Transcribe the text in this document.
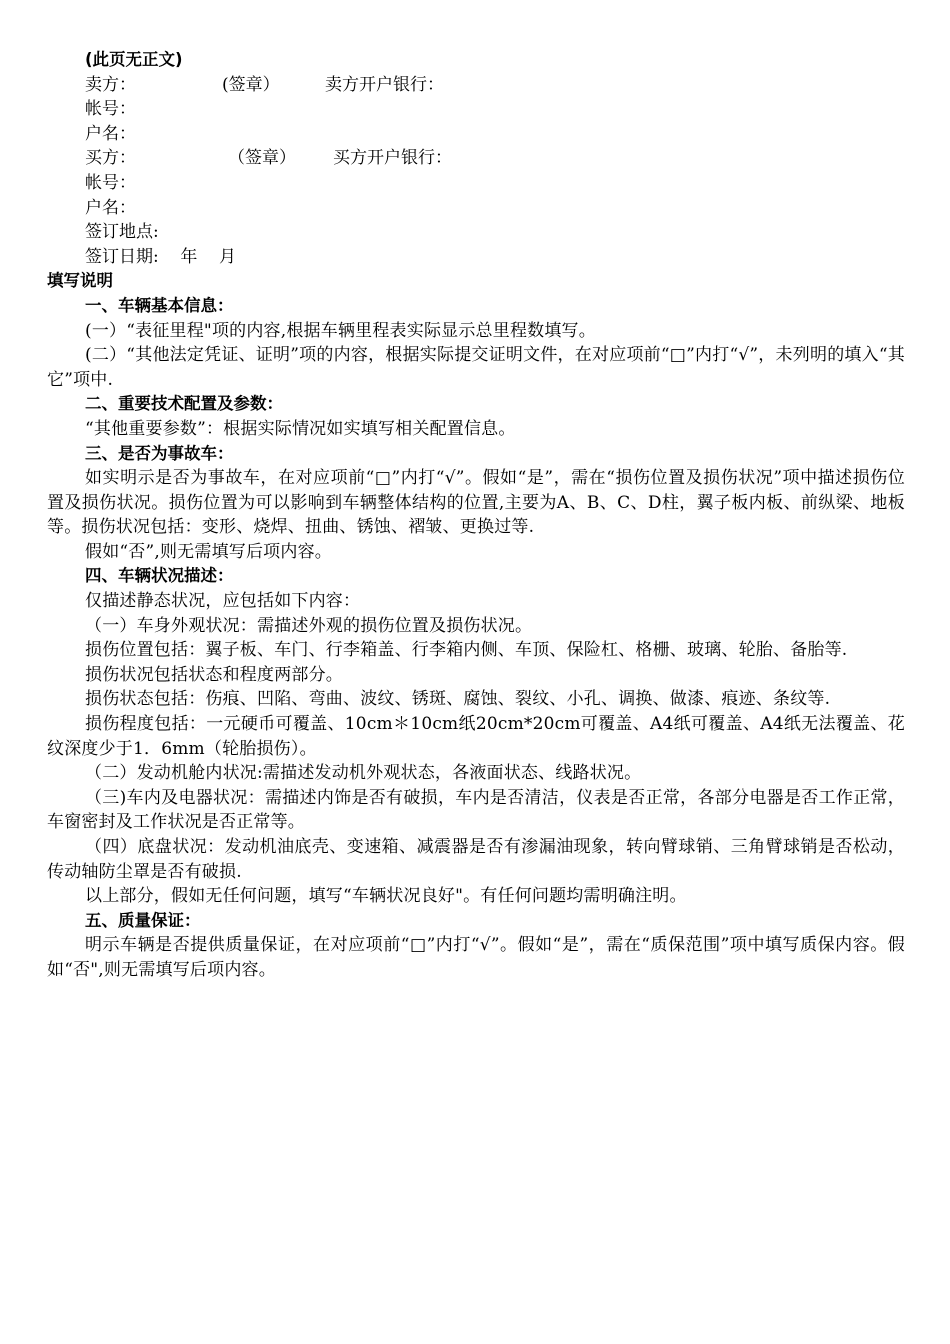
(此页无正文)
卖方：	(签章）	卖方开户银行：
帐号：
户名：
买方：	（签章）	买方开户银行：
帐号：
户名：
签订地点:
签订日期:    年    月
填写说明
一、车辆基本信息：
(一）“表征里程"项的内容,根据车辆里程表实际显示总里程数填写。
(二）“其他法定凭证、证明”项的内容，根据实际提交证明文件，在对应项前“□”内打“√”，未列明的填入“其它”项中.
二、重要技术配置及参数：
“其他重要参数”：根据实际情况如实填写相关配置信息。
三、是否为事故车：
如实明示是否为事故车，在对应项前“□”内打“√”。假如“是”，需在“损伤位置及损伤状况”项中描述损伤位置及损伤状况。损伤位置为可以影响到车辆整体结构的位置,主要为A、B、C、D柱，翼子板内板、前纵梁、地板等。损伤状况包括：变形、烧焊、扭曲、锈蚀、褶皱、更换过等.
假如“否”,则无需填写后项内容。
四、车辆状况描述：
仅描述静态状况，应包括如下内容：
（一）车身外观状况：需描述外观的损伤位置及损伤状况。
损伤位置包括：翼子板、车门、行李箱盖、行李箱内侧、车顶、保险杠、格栅、玻璃、轮胎、备胎等.
损伤状况包括状态和程度两部分。
损伤状态包括：伤痕、凹陷、弯曲、波纹、锈斑、腐蚀、裂纹、小孔、调换、做漆、痕迹、条纹等.
损伤程度包括：一元硬币可覆盖、10cm＊10cm纸20cm*20cm可覆盖、A4纸可覆盖、A4纸无法覆盖、花纹深度少于1．6mm（轮胎损伤）。
（二）发动机舱内状况:需描述发动机外观状态，各液面状态、线路状况。
（三)车内及电器状况：需描述内饰是否有破损，车内是否清洁，仪表是否正常，各部分电器是否工作正常，车窗密封及工作状况是否正常等。
（四）底盘状况：发动机油底壳、变速箱、减震器是否有渗漏油现象，转向臂球销、三角臂球销是否松动，传动轴防尘罩是否有破损.
以上部分，假如无任何问题，填写“车辆状况良好"。有任何问题均需明确注明。
五、质量保证：
明示车辆是否提供质量保证，在对应项前“□”内打“√”。假如“是”，需在“质保范围”项中填写质保内容。假如“否",则无需填写后项内容。
